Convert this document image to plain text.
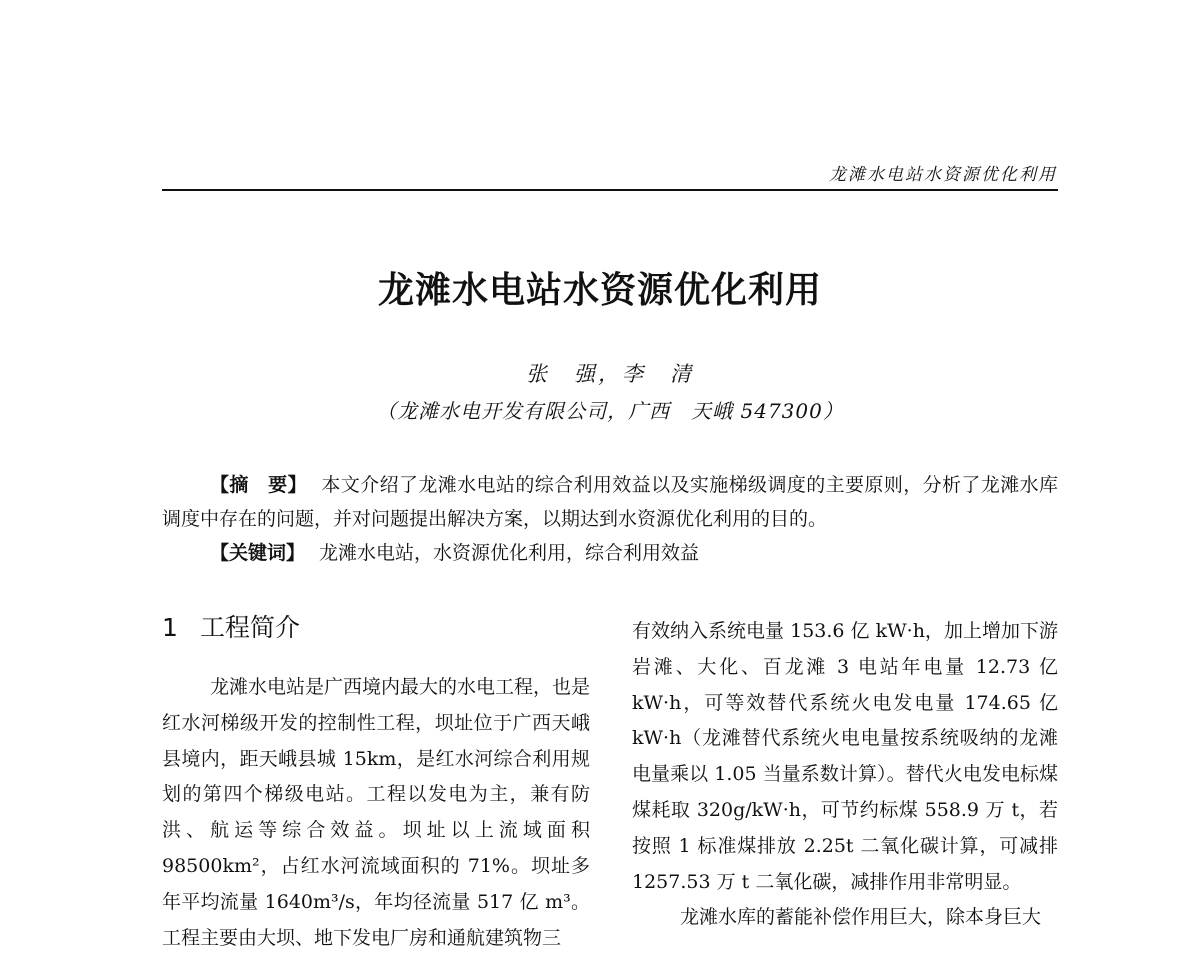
龙滩水电站水资源优化利用
龙滩水电站水资源优化利用
张　强，李　清
（龙滩水电开发有限公司，广西　天峨 547300）

【摘　要】 本文介绍了龙滩水电站的综合利用效益以及实施梯级调度的主要原则，分析了龙滩水库调度中存在的问题，并对问题提出解决方案，以期达到水资源优化利用的目的。

【关键词】 龙滩水电站，水资源优化利用，综合利用效益

1 工程简介

龙滩水电站是广西境内最大的水电工程，也是红水河梯级开发的控制性工程，坝址位于广西天峨县境内，距天峨县城 15km，是红水河综合利用规划的第四个梯级电站。工程以发电为主，兼有防洪、航运等综合效益。坝址以上流域面积 98500km²，占红水河流域面积的 71%。坝址多年平均流量 1640m³/s，年均径流量 517 亿 m³。工程主要由大坝、地下发电厂房和通航建筑物三

有效纳入系统电量 153.6 亿 kW·h，加上增加下游岩滩、大化、百龙滩 3 电站年电量 12.73 亿 kW·h，可等效替代系统火电发电量 174.65 亿 kW·h（龙滩替代系统火电电量按系统吸纳的龙滩电量乘以 1.05 当量系数计算）。替代火电发电标煤煤耗取 320g/kW·h，可节约标煤 558.9 万 t，若按照 1 标准煤排放 2.25t 二氧化碳计算，可减排 1257.53 万 t 二氧化碳，减排作用非常明显。

龙滩水库的蓄能补偿作用巨大，除本身巨大
